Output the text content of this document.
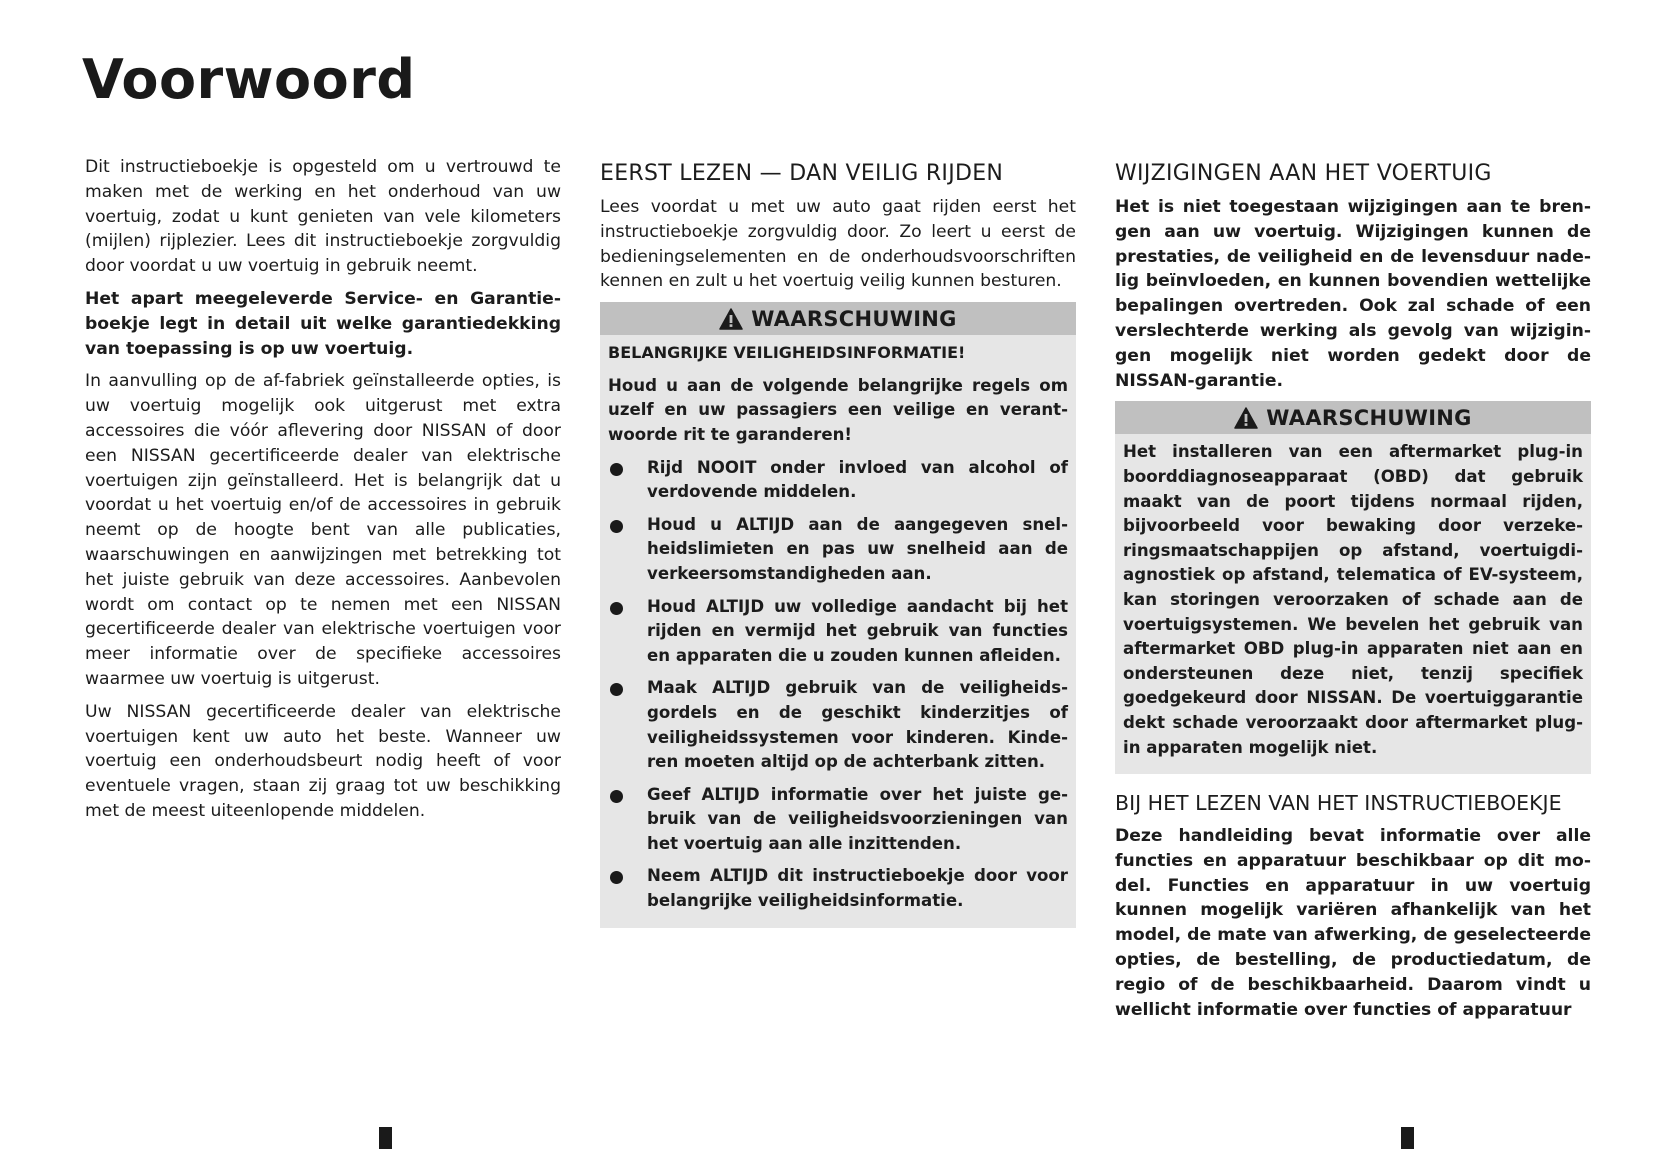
Voorwoord

Dit instructieboekje is opgesteld om u vertrouwd te maken met de werking en het onderhoud van uw voertuig, zodat u kunt genieten van vele kilometers (mijlen) rijplezier. Lees dit instructieboekje zorgvuldig door voordat u uw voertuig in gebruik neemt.

Het apart meegeleverde Service- en Garantieboekje legt in detail uit welke garantiedekking van toepassing is op uw voertuig.

In aanvulling op de af-fabriek geïnstalleerde opties, is uw voertuig mogelijk ook uitgerust met extra accessoires die vóór aflevering door NISSAN of door een NISSAN gecertificeerde dealer van elektrische voertuigen zijn geïnstalleerd. Het is belangrijk dat u voordat u het voertuig en/of de accessoires in gebruik neemt op de hoogte bent van alle publicaties, waarschuwingen en aanwijzingen met betrekking tot het juiste gebruik van deze accessoires. Aanbevolen wordt om contact op te nemen met een NISSAN gecertificeerde dealer van elektrische voertuigen voor meer informatie over de specifieke accessoires waarmee uw voertuig is uitgerust.

Uw NISSAN gecertificeerde dealer van elektrische voertuigen kent uw auto het beste. Wanneer uw voertuig een onderhoudsbeurt nodig heeft of voor eventuele vragen, staan zij graag tot uw beschikking met de meest uiteenlopende middelen.

EERST LEZEN — DAN VEILIG RIJDEN

Lees voordat u met uw auto gaat rijden eerst het instructieboekje zorgvuldig door. Zo leert u eerst de bedieningselementen en de onderhoudsvoorschriften kennen en zult u het voertuig veilig kunnen besturen.

WAARSCHUWING

BELANGRIJKE VEILIGHEIDSINFORMATIE!

Houd u aan de volgende belangrijke regels om uzelf en uw passagiers een veilige en verantwoorde rit te garanderen!

Rijd NOOIT onder invloed van alcohol of verdovende middelen.
Houd u ALTIJD aan de aangegeven snelheidslimieten en pas uw snelheid aan de verkeersomstandigheden aan.
Houd ALTIJD uw volledige aandacht bij het rijden en vermijd het gebruik van functies en apparaten die u zouden kunnen afleiden.
Maak ALTIJD gebruik van de veiligheidsgordels en de geschikt kinderzitjes of veiligheidssystemen voor kinderen. Kinderen moeten altijd op de achterbank zitten.
Geef ALTIJD informatie over het juiste gebruik van de veiligheidsvoorzieningen van het voertuig aan alle inzittenden.
Neem ALTIJD dit instructieboekje door voor belangrijke veiligheidsinformatie.
WIJZIGINGEN AAN HET VOERTUIG

Het is niet toegestaan wijzigingen aan te brengen aan uw voertuig. Wijzigingen kunnen de prestaties, de veiligheid en de levensduur nadelig beïnvloeden, en kunnen bovendien wettelijke bepalingen overtreden. Ook zal schade of een verslechterde werking als gevolg van wijzigingen mogelijk niet worden gedekt door de NISSAN-garantie.

WAARSCHUWING

Het installeren van een aftermarket plug-in boorddiagnoseapparaat (OBD) dat gebruik maakt van de poort tijdens normaal rijden, bijvoorbeeld voor bewaking door verzekeringsmaatschappijen op afstand, voertuigdiagnostiek op afstand, telematica of EV-systeem, kan storingen veroorzaken of schade aan de voertuigsystemen. We bevelen het gebruik van aftermarket OBD plug-in apparaten niet aan en ondersteunen deze niet, tenzij specifiek goedgekeurd door NISSAN. De voertuiggarantie dekt schade veroorzaakt door aftermarket plug-in apparaten mogelijk niet.

BIJ HET LEZEN VAN HET INSTRUCTIEBOEKJE

Deze handleiding bevat informatie over alle functies en apparatuur beschikbaar op dit model. Functies en apparatuur in uw voertuig kunnen mogelijk variëren afhankelijk van het model, de mate van afwerking, de geselecteerde opties, de bestelling, de productiedatum, de regio of de beschikbaarheid. Daarom vindt u wellicht informatie over functies of apparatuur
